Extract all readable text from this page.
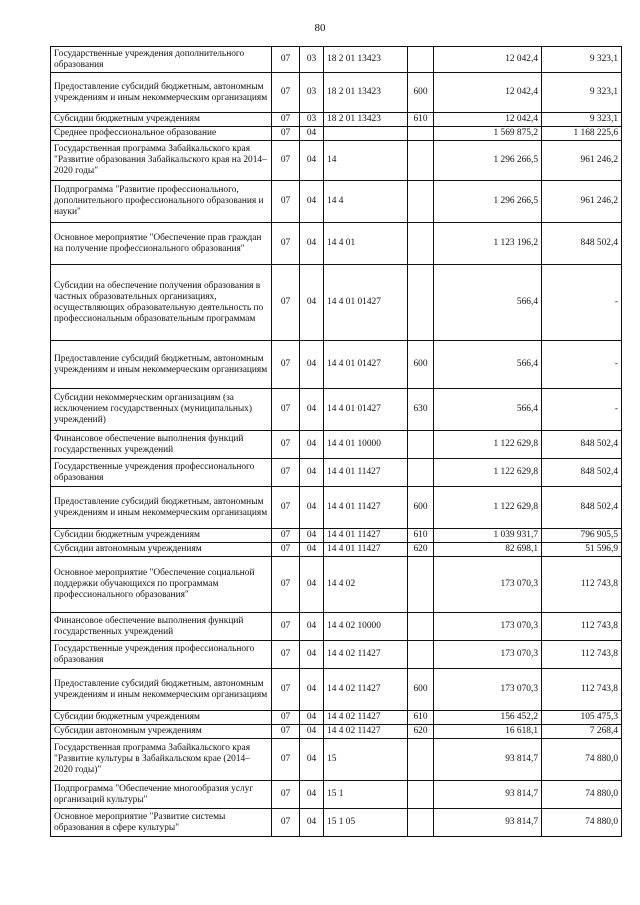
80
Государственные учреждения дополнительного образования	07	03	18 2 01 13423		12 042,4	9 323,1
Предоставление субсидий бюджетным, автономным учреждениям и иным некоммерческим организациям	07	03	18 2 01 13423	600	12 042,4	9 323,1
Субсидии бюджетным учреждениям	07	03	18 2 01 13423	610	12 042,4	9 323,1
Среднее профессиональное образование	07	04			1 569 875,2	1 168 225,6
Государственная программа Забайкальского края "Развитие образования Забайкальского края на 2014–2020 годы"	07	04	14		1 296 266,5	961 246,2
Подпрограмма "Развитие профессионального, дополнительного профессионального образования и науки"	07	04	14 4		1 296 266,5	961 246,2
Основное мероприятие "Обеспечение прав граждан на получение профессионального образования"	07	04	14 4 01		1 123 196,2	848 502,4
Субсидии на обеспечение получения образования в частных образовательных организациях, осуществляющих образовательную деятельность по профессиональным образовательным программам	07	04	14 4 01 01427		566,4	-
Предоставление субсидий бюджетным, автономным учреждениям и иным некоммерческим организациям	07	04	14 4 01 01427	600	566,4	-
Субсидии некоммерческим организациям (за исключением государственных (муниципальных) учреждений)	07	04	14 4 01 01427	630	566,4	-
Финансовое обеспечение выполнения функций государственных учреждений	07	04	14 4 01 10000		1 122 629,8	848 502,4
Государственные учреждения профессионального образования	07	04	14 4 01 11427		1 122 629,8	848 502,4
Предоставление субсидий бюджетным, автономным учреждениям и иным некоммерческим организациям	07	04	14 4 01 11427	600	1 122 629,8	848 502,4
Субсидии бюджетным учреждениям	07	04	14 4 01 11427	610	1 039 931,7	796 905,5
Субсидии автономным учреждениям	07	04	14 4 01 11427	620	82 698,1	51 596,9
Основное мероприятие "Обеспечение социальной поддержки обучающихся по программам профессионального образования"	07	04	14 4 02		173 070,3	112 743,8
Финансовое обеспечение выполнения функций государственных учреждений	07	04	14 4 02 10000		173 070,3	112 743,8
Государственные учреждения профессионального образования	07	04	14 4 02 11427		173 070,3	112 743,8
Предоставление субсидий бюджетным, автономным учреждениям и иным некоммерческим организациям	07	04	14 4 02 11427	600	173 070,3	112 743,8
Субсидии бюджетным учреждениям	07	04	14 4 02 11427	610	156 452,2	105 475,3
Субсидии автономным учреждениям	07	04	14 4 02 11427	620	16 618,1	7 268,4
Государственная программа Забайкальского края "Развитие культуры в Забайкальском крае (2014–2020 годы)"	07	04	15		93 814,7	74 880,0
Подпрограмма "Обеспечение многообразия услуг организаций культуры"	07	04	15 1		93 814,7	74 880,0
Основное мероприятие "Развитие системы образования в сфере культуры"	07	04	15 1 05		93 814,7	74 880,0
